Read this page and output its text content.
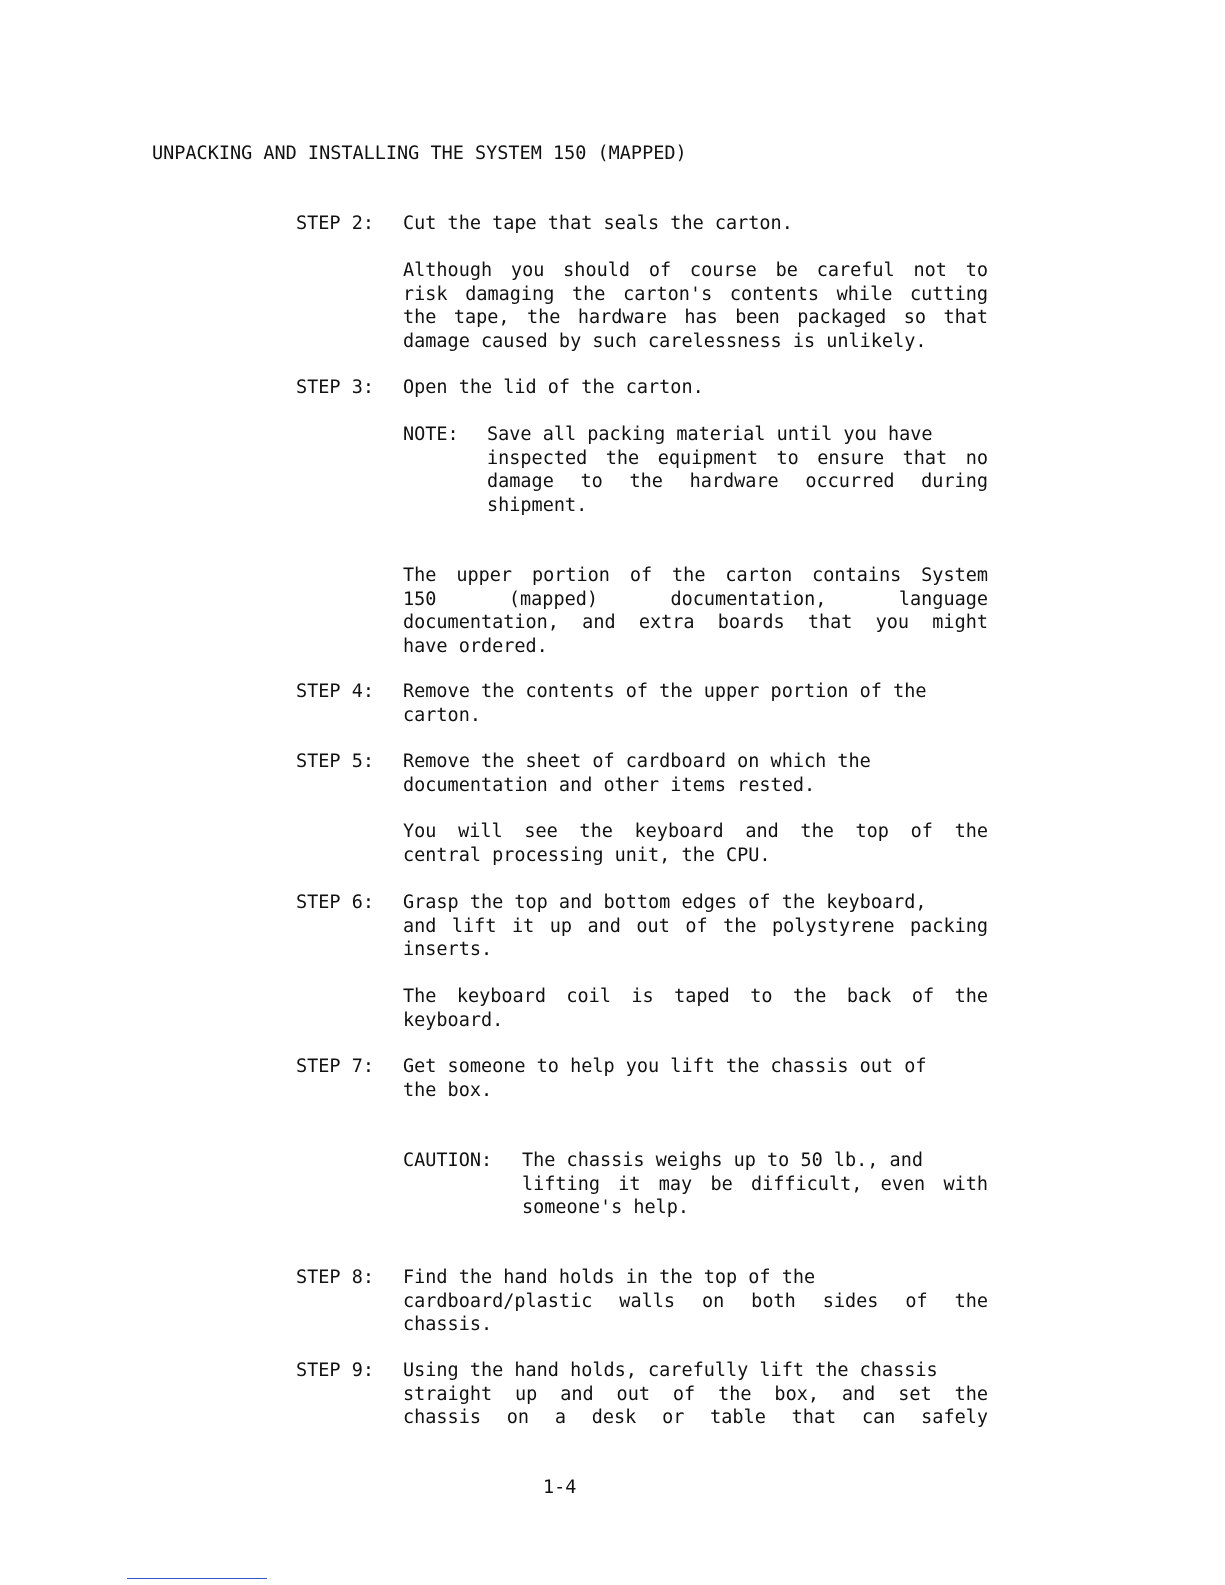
UNPACKING AND INSTALLING THE SYSTEM 150 (MAPPED)
STEP 2: Cut the tape that seals the carton.
Although you should of course be careful not to
risk damaging the carton's contents while cutting
the tape, the hardware has been packaged so that
damage caused by such carelessness is unlikely.
STEP 3: Open the lid of the carton.
NOTE: Save all packing material until you have
inspected the equipment to ensure that no
damage to the hardware occurred during
shipment.
The upper portion of the carton contains System
150 (mapped) documentation, language
documentation, and extra boards that you might
have ordered.
STEP 4: Remove the contents of the upper portion of the
carton.
STEP 5: Remove the sheet of cardboard on which the
documentation and other items rested.
You will see the keyboard and the top of the
central processing unit, the CPU.
STEP 6: Grasp the top and bottom edges of the keyboard,
and lift it up and out of the polystyrene packing
inserts.
The keyboard coil is taped to the back of the
keyboard.
STEP 7: Get someone to help you lift the chassis out of
the box.
CAUTION: The chassis weighs up to 50 lb., and
lifting it may be difficult, even with
someone's help.
STEP 8: Find the hand holds in the top of the
cardboard/plastic walls on both sides of the
chassis.
STEP 9: Using the hand holds, carefully lift the chassis
straight up and out of the box, and set the
chassis on a desk or table that can safely
1-4
